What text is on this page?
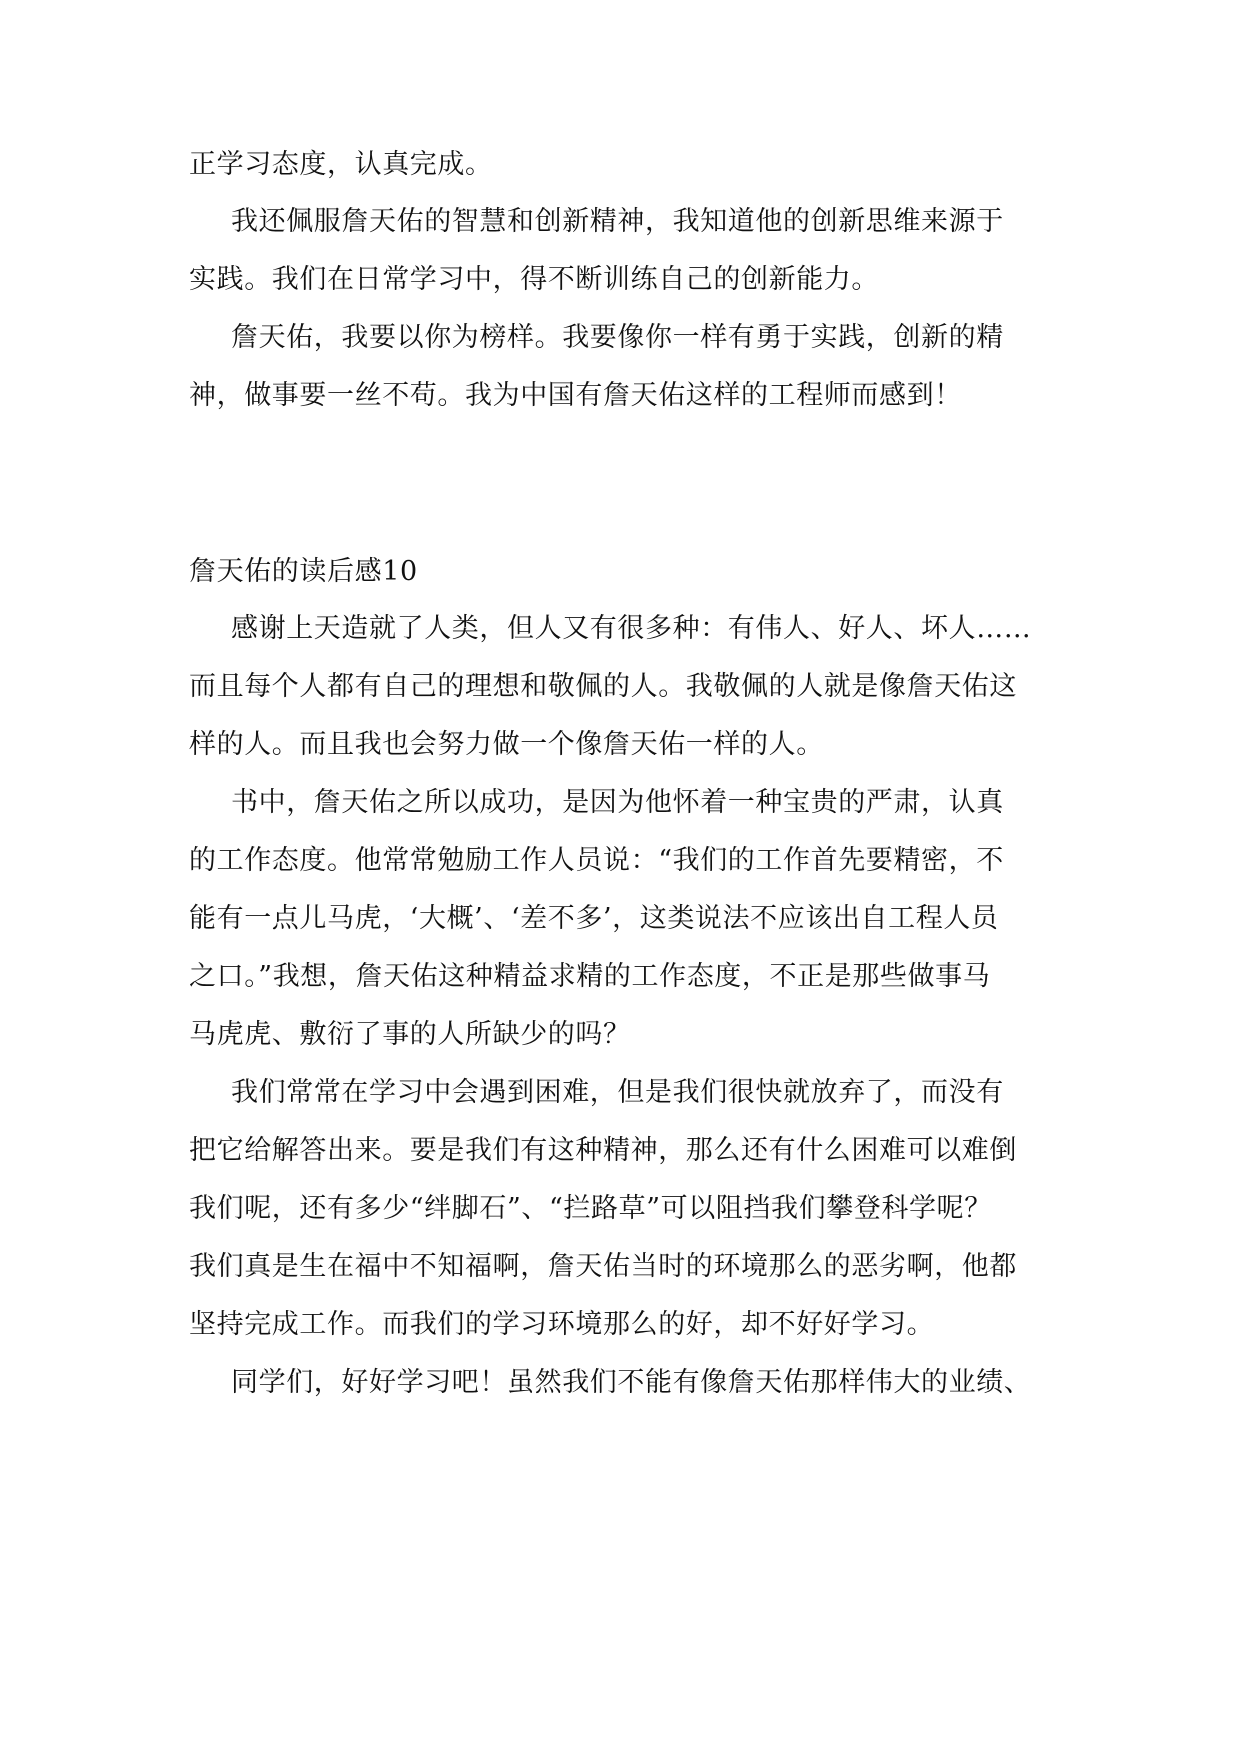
正学习态度，认真完成。
我还佩服詹天佑的智慧和创新精神，我知道他的创新思维来源于
实践。我们在日常学习中，得不断训练自己的创新能力。
詹天佑，我要以你为榜样。我要像你一样有勇于实践，创新的精
神，做事要一丝不苟。我为中国有詹天佑这样的工程师而感到！
詹天佑的读后感10
感谢上天造就了人类，但人又有很多种：有伟人、好人、坏人……
而且每个人都有自己的理想和敬佩的人。我敬佩的人就是像詹天佑这
样的人。而且我也会努力做一个像詹天佑一样的人。
书中，詹天佑之所以成功，是因为他怀着一种宝贵的严肃，认真
的工作态度。他常常勉励工作人员说：“我们的工作首先要精密，不
能有一点儿马虎，‘大概’、‘差不多’，这类说法不应该出自工程人员
之口。”我想，詹天佑这种精益求精的工作态度，不正是那些做事马
马虎虎、敷衍了事的人所缺少的吗？
我们常常在学习中会遇到困难，但是我们很快就放弃了，而没有
把它给解答出来。要是我们有这种精神，那么还有什么困难可以难倒
我们呢，还有多少“绊脚石”、“拦路草”可以阻挡我们攀登科学呢？
我们真是生在福中不知福啊，詹天佑当时的环境那么的恶劣啊，他都
坚持完成工作。而我们的学习环境那么的好，却不好好学习。
同学们，好好学习吧！虽然我们不能有像詹天佑那样伟大的业绩、
